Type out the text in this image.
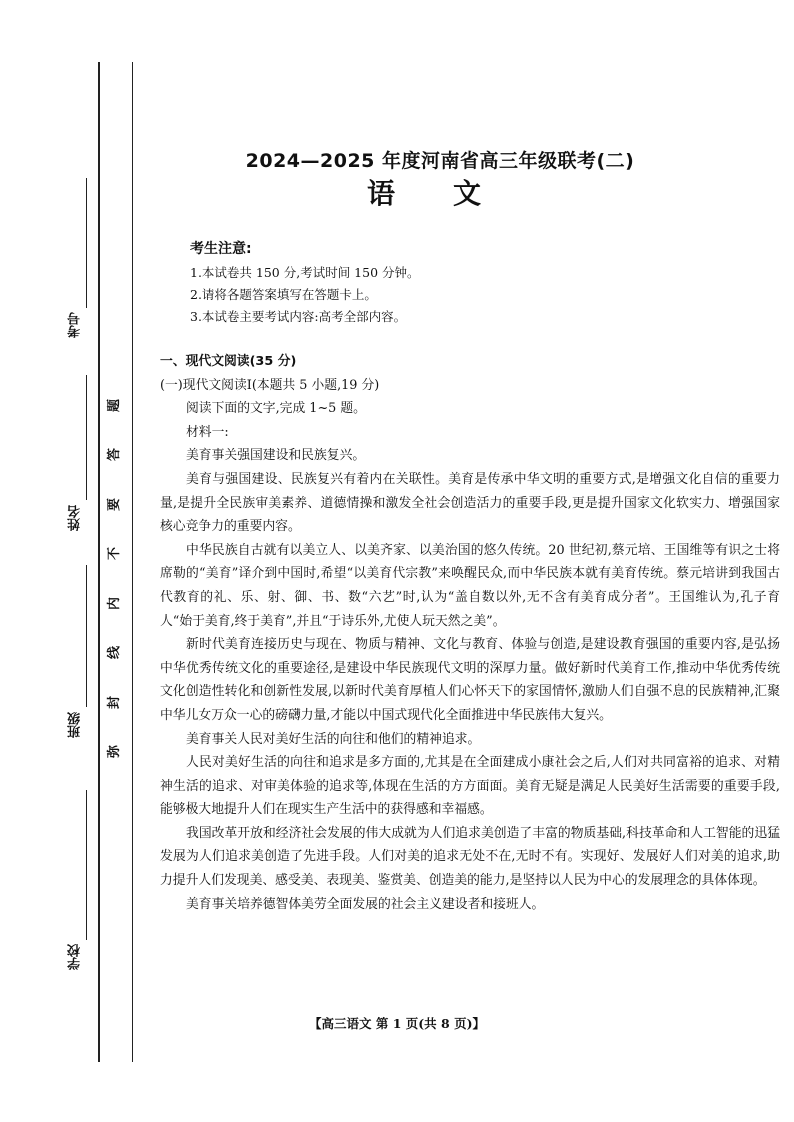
考号
姓名
班级
学校
题
答
要
不
内
线
封
弥
2024—2025 年度河南省高三年级联考(二)
语文
考生注意:
1.本试卷共 150 分,考试时间 150 分钟。
2.请将各题答案填写在答题卡上。
3.本试卷主要考试内容:高考全部内容。
一、现代文阅读(35 分)
(一)现代文阅读Ⅰ(本题共 5 小题,19 分)
阅读下面的文字,完成 1~5 题。
材料一:
美育事关强国建设和民族复兴。
美育与强国建设、民族复兴有着内在关联性。美育是传承中华文明的重要方式,是增强文化自信的重要力量,是提升全民族审美素养、道德情操和激发全社会创造活力的重要手段,更是提升国家文化软实力、增强国家核心竞争力的重要内容。
中华民族自古就有以美立人、以美齐家、以美治国的悠久传统。20 世纪初,蔡元培、王国维等有识之士将席勒的“美育”译介到中国时,希望“以美育代宗教”来唤醒民众,而中华民族本就有美育传统。蔡元培讲到我国古代教育的礼、乐、射、御、书、数“六艺”时,认为“盖自数以外,无不含有美育成分者”。王国维认为,孔子育人“始于美育,终于美育”,并且“于诗乐外,尤使人玩天然之美”。
新时代美育连接历史与现在、物质与精神、文化与教育、体验与创造,是建设教育强国的重要内容,是弘扬中华优秀传统文化的重要途径,是建设中华民族现代文明的深厚力量。做好新时代美育工作,推动中华优秀传统文化创造性转化和创新性发展,以新时代美育厚植人们心怀天下的家国情怀,激励人们自强不息的民族精神,汇聚中华儿女万众一心的磅礴力量,才能以中国式现代化全面推进中华民族伟大复兴。
美育事关人民对美好生活的向往和他们的精神追求。
人民对美好生活的向往和追求是多方面的,尤其是在全面建成小康社会之后,人们对共同富裕的追求、对精神生活的追求、对审美体验的追求等,体现在生活的方方面面。美育无疑是满足人民美好生活需要的重要手段,能够极大地提升人们在现实生产生活中的获得感和幸福感。
我国改革开放和经济社会发展的伟大成就为人们追求美创造了丰富的物质基础,科技革命和人工智能的迅猛发展为人们追求美创造了先进手段。人们对美的追求无处不在,无时不有。实现好、发展好人们对美的追求,助力提升人们发现美、感受美、表现美、鉴赏美、创造美的能力,是坚持以人民为中心的发展理念的具体体现。
美育事关培养德智体美劳全面发展的社会主义建设者和接班人。
【高三语文 第 1 页(共 8 页)】
